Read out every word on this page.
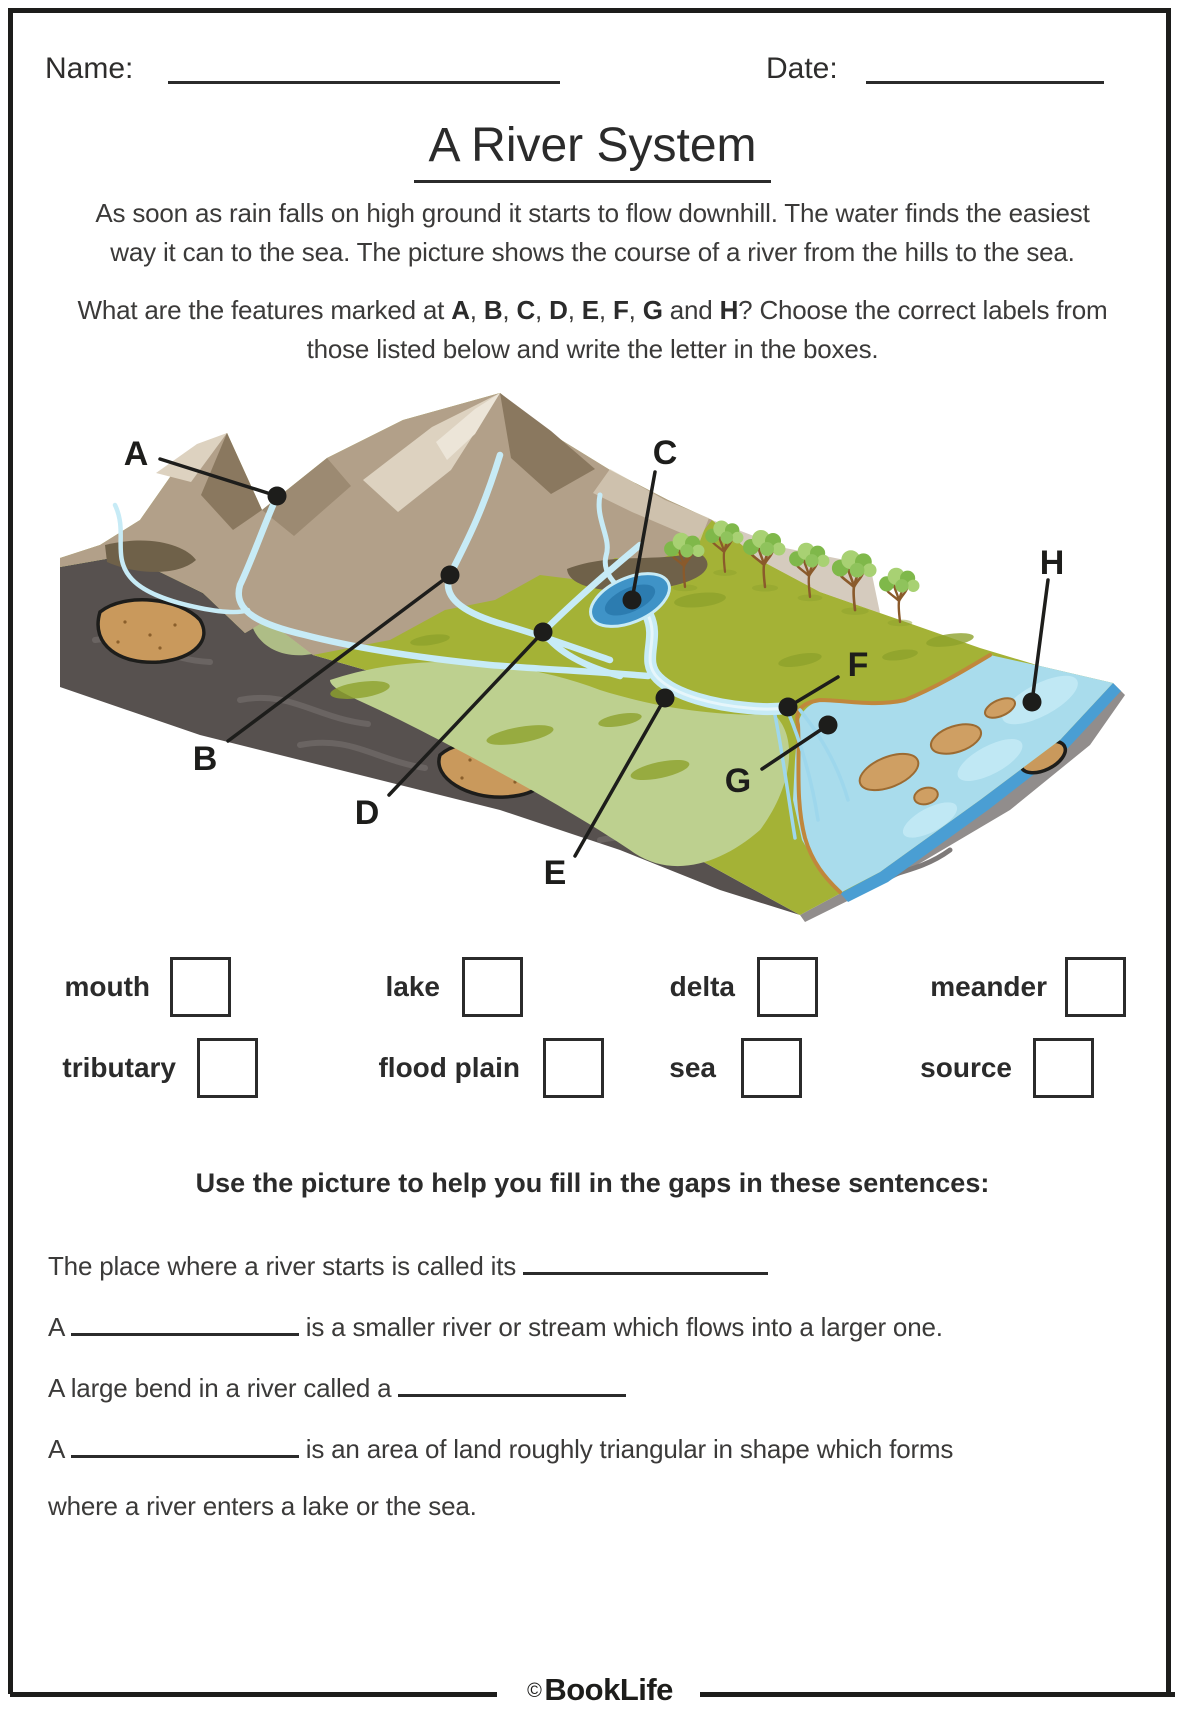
Name:	Date:
A River System

As soon as rain falls on high ground it starts to flow downhill. The water finds the easiest
way it can to the sea. The picture shows the course of a river from the hills to the sea.

What are the features marked at A, B, C, D, E, F, G and H? Choose the correct labels from
those listed below and write the letter in the boxes.

A
B
C
D
E
F
G
H
mouth	lake	delta	meander
tributary	flood plain	sea	source
Use the picture to help you fill in the gaps in these sentences:

The place where a river starts is called its

A	is a smaller river or stream which flows into a larger one.

A large bend in a river called a

A	is an area of land roughly triangular in shape which forms
where a river enters a lake or the sea.

©BookLife
